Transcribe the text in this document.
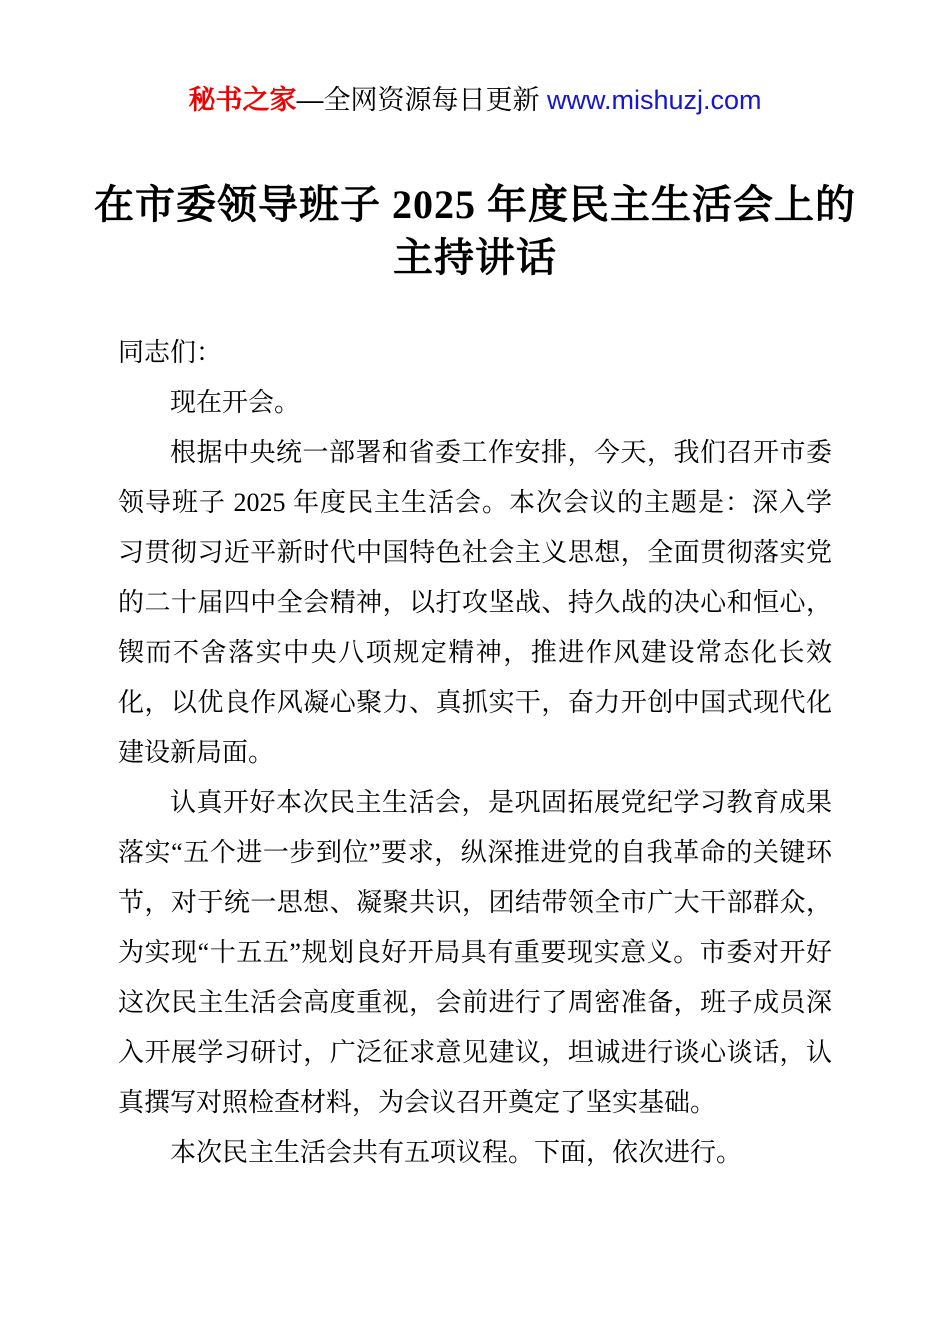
秘书之家—全网资源每日更新 www.mishuzj.com
在市委领导班子 2025 年度民主生活会上的
主持讲话

同志们：

现在开会。

根据中央统一部署和省委工作安排，今天，我们召开市委领导班子 2025 年度民主生活会。本次会议的主题是：深入学习贯彻习近平新时代中国特色社会主义思想，全面贯彻落实党的二十届四中全会精神，以打攻坚战、持久战的决心和恒心，锲而不舍落实中央八项规定精神，推进作风建设常态化长效化，以优良作风凝心聚力、真抓实干，奋力开创中国式现代化建设新局面。

认真开好本次民主生活会，是巩固拓展党纪学习教育成果落实“五个进一步到位”要求，纵深推进党的自我革命的关键环节，对于统一思想、凝聚共识，团结带领全市广大干部群众，为实现“十五五”规划良好开局具有重要现实意义。市委对开好这次民主生活会高度重视，会前进行了周密准备，班子成员深入开展学习研讨，广泛征求意见建议，坦诚进行谈心谈话，认真撰写对照检查材料，为会议召开奠定了坚实基础。

本次民主生活会共有五项议程。下面，依次进行。
